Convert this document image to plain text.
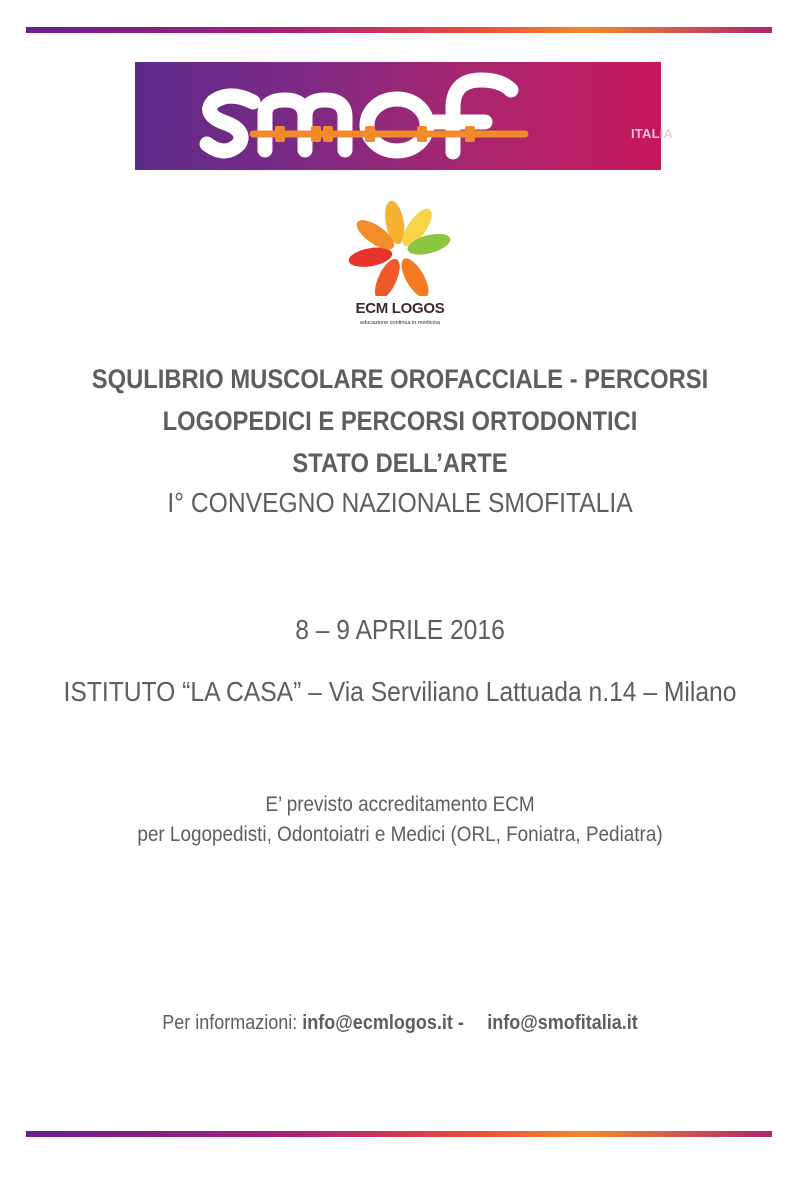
ITALIA
ECM LOGOS
educazione continua in medicina
SQULIBRIO MUSCOLARE OROFACCIALE - PERCORSI
LOGOPEDICI E PERCORSI ORTODONTICI
STATO DELL’ARTE
I° CONVEGNO NAZIONALE SMOFITALIA
8 – 9 APRILE 2016
ISTITUTO “LA CASA” – Via Serviliano Lattuada n.14 – Milano
E’ previsto accreditamento ECM
per Logopedisti, Odontoiatri e Medici (ORL, Foniatra, Pediatra)
Per informazioni: info@ecmlogos.it - info@smofitalia.it
